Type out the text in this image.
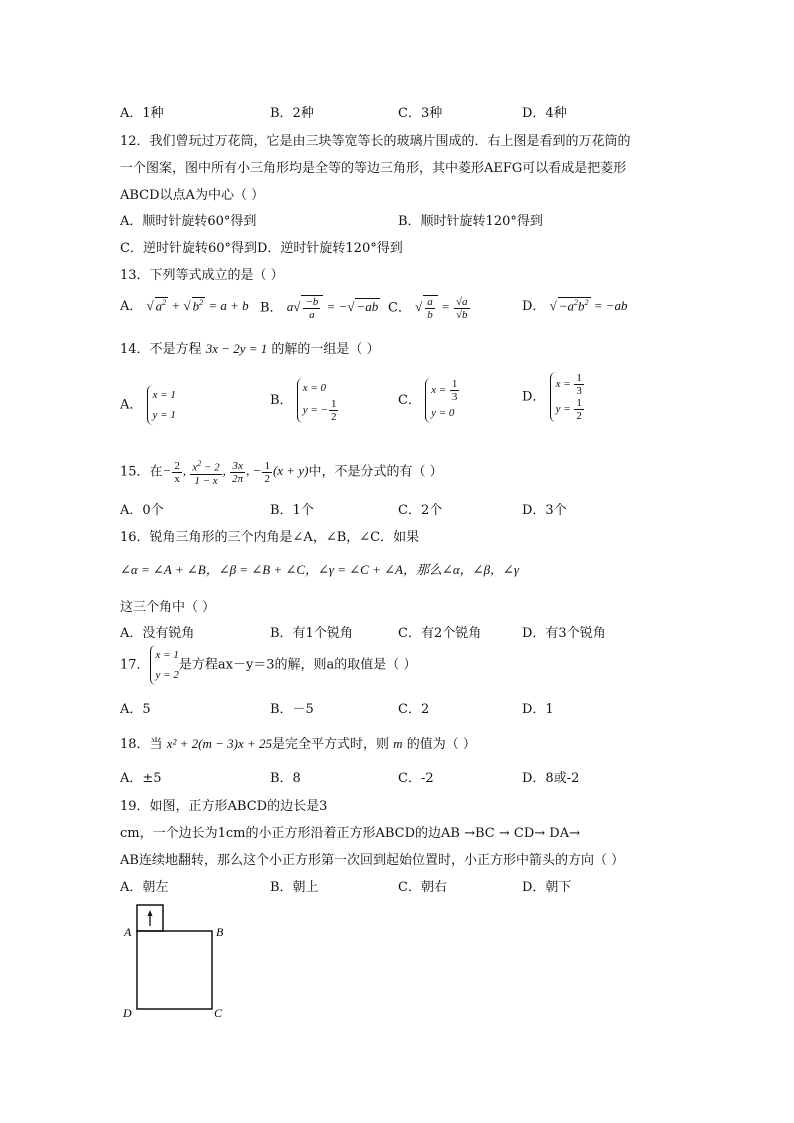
A．1种	B．2种	C．3种	D．4种
12．我们曾玩过万花筒，它是由三块等宽等长的玻璃片围成的．右上图是看到的万花筒的
一个图案，图中所有小三角形均是全等的等边三角形，其中菱形AEFG可以看成是把菱形
ABCD以点A为中心（ ）
A．顺时针旋转60°得到	B．顺时针旋转120°得到
C．逆时针旋转60°得到D．逆时针旋转120°得到
13．下列等式成立的是（ ）
A． √ $a^2$ + √ $b^2 = a + b$ B． $a√ \frac{-b}{a}$ = −√ −ab C． √ $\frac{a}{b} = \frac{√a}{√b}$	D． √ $-a^2b^2 = -ab$
14．不是方程 3x − 2y = 1 的解的一组是（ ）
A．
x = 1
y = 1
B．
x = 0
y = − $\frac{1}{2}$	C．
$x = \frac{1}{3}$
y = 0
D．
$x = \frac{1}{3}$
$y = \frac{1}{2}$
15．在− $\frac{2}{x}$ , $\frac{x^2 - 2}{1 - x}$ , $\frac{3x}{2\pi}$ , − $\frac{1}{2} (x + y)$中，不是分式的有（ ）
A．0个	B．1个	C．2个	D．3个
16．锐角三角形的三个内角是∠A，∠B，∠C．如果
∠α = ∠A + ∠B，∠β = ∠B + ∠C，∠γ = ∠C + ∠A，那么∠α，∠β，∠γ
这三个角中（ ）
A．没有锐角	B．有1个锐角	C．有2个锐角	D．有3个锐角
17．
x = 1
y = 2
是方程ax－y＝3的解，则a的取值是（ ）
A．5	B．－5	C．2	D．1
18．当 x² + 2(m − 3)x + 25是完全平方式时，则 m 的值为（ ）
A．±5	B．8	C．-2	D．8或-2
19．如图，正方形ABCD的边长是3
cm，一个边长为1cm的小正方形沿着正方形ABCD的边AB →BC → CD→ DA→
AB连续地翻转，那么这个小正方形第一次回到起始位置时，小正方形中箭头的方向（ ）
A．朝左	B．朝上	C．朝右	D．朝下
A	B
C
D
